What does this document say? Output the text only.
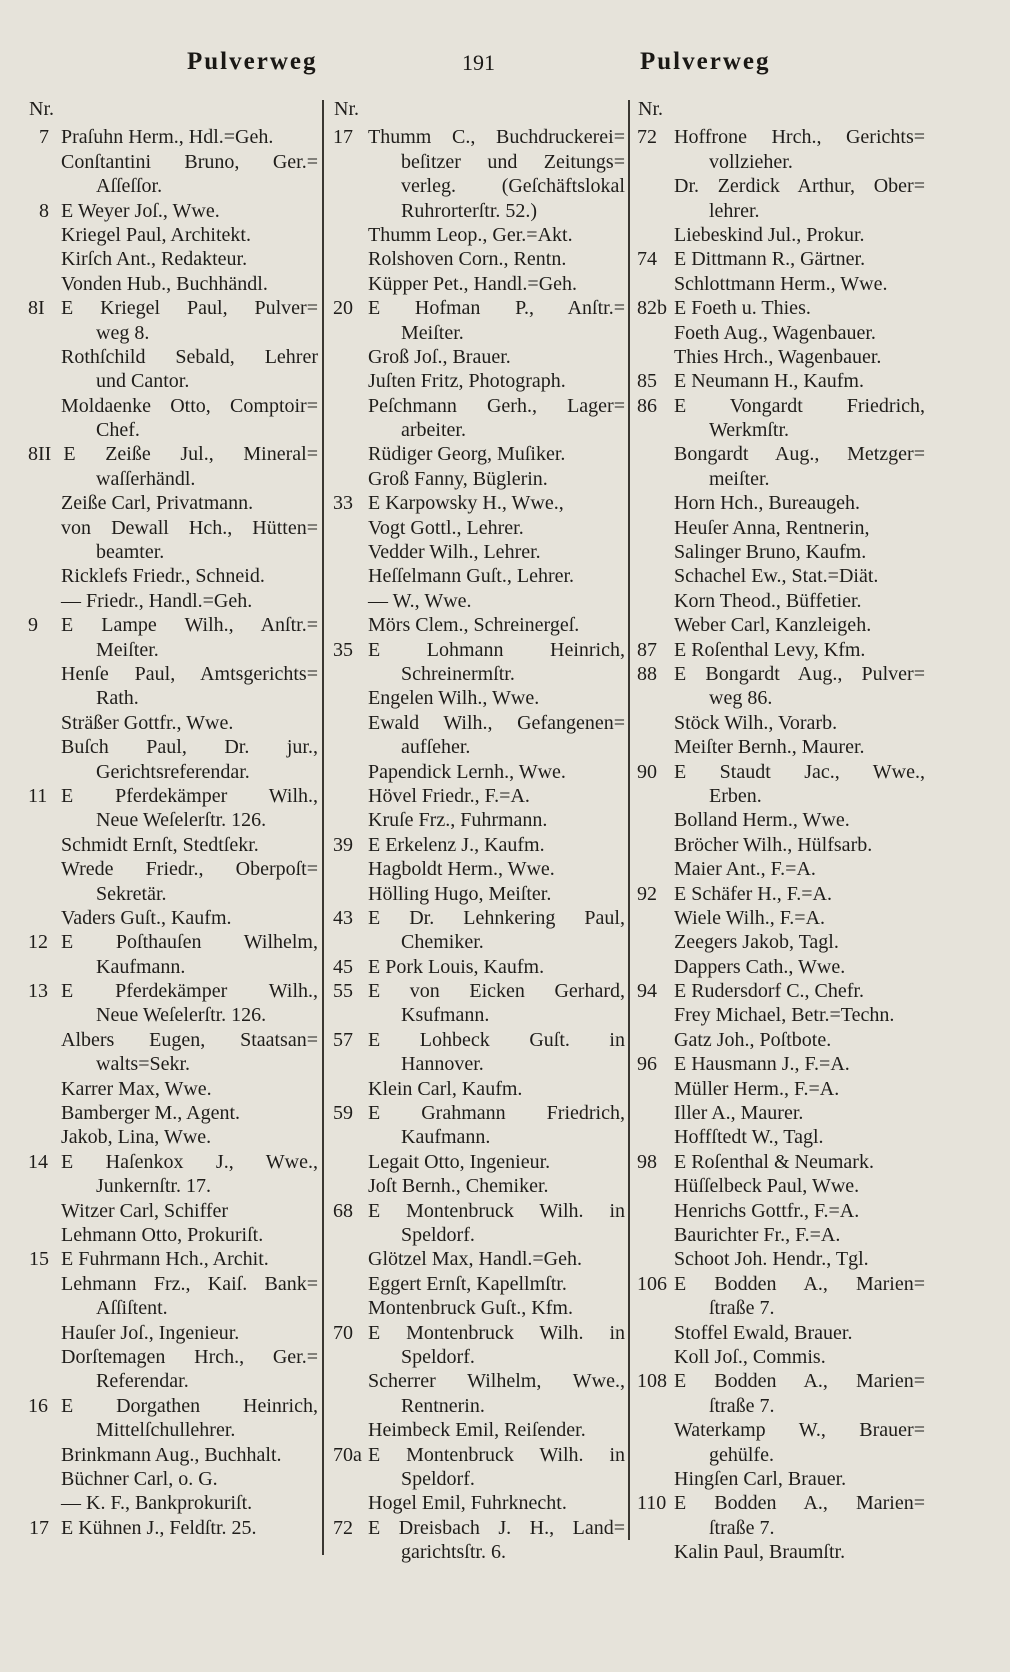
Pulverweg	191	Pulverweg
Nr.
7 Praſuhn Herm., Hdl.=Geh.
Conſtantini Bruno, Ger.=
Aſſeſſor.
8 E Weyer Joſ., Wwe.
Kriegel Paul, Architekt.
Kirſch Ant., Redakteur.
Vonden Hub., Buchhändl.
8I E Kriegel Paul, Pulver=
weg 8.
Rothſchild Sebald, Lehrer
und Cantor.
Moldaenke Otto, Comptoir=
Chef.
8II E Zeiße Jul., Mineral=
waſſerhändl.
Zeiße Carl, Privatmann.
von Dewall Hch., Hütten=
beamter.
Ricklefs Friedr., Schneid.
— Friedr., Handl.=Geh.
9 E Lampe Wilh., Anſtr.=
Meiſter.
Henſe Paul, Amtsgerichts=
Rath.
Sträßer Gottfr., Wwe.
Buſch Paul, Dr. jur.,
Gerichtsreferendar.
11 E Pferdekämper Wilh.,
Neue Weſelerſtr. 126.
Schmidt Ernſt, Stedtſekr.
Wrede Friedr., Oberpoſt=
Sekretär.
Vaders Guſt., Kaufm.
12 E Poſthauſen Wilhelm,
Kaufmann.
13 E Pferdekämper Wilh.,
Neue Weſelerſtr. 126.
Albers Eugen, Staatsan=
walts=Sekr.
Karrer Max, Wwe.
Bamberger M., Agent.
Jakob, Lina, Wwe.
14 E Haſenkox J., Wwe.,
Junkernſtr. 17.
Witzer Carl, Schiffer
Lehmann Otto, Prokuriſt.
15 E Fuhrmann Hch., Archit.
Lehmann Frz., Kaiſ. Bank=
Aſſiſtent.
Hauſer Joſ., Ingenieur.
Dorſtemagen Hrch., Ger.=
Referendar.
16 E Dorgathen Heinrich,
Mittelſchullehrer.
Brinkmann Aug., Buchhalt.
Büchner Carl, o. G.
— K. F., Bankprokuriſt.
17 E Kühnen J., Feldſtr. 25.
Nr.
17 Thumm C., Buchdruckerei=
beſitzer und Zeitungs=
verleg. (Geſchäftslokal
Ruhrorterſtr. 52.)
Thumm Leop., Ger.=Akt.
Rolshoven Corn., Rentn.
Küpper Pet., Handl.=Geh.
20 E Hofman P., Anſtr.=
Meiſter.
Groß Joſ., Brauer.
Juſten Fritz, Photograph.
Peſchmann Gerh., Lager=
arbeiter.
Rüdiger Georg, Muſiker.
Groß Fanny, Büglerin.
33 E Karpowsky H., Wwe.,
Vogt Gottl., Lehrer.
Vedder Wilh., Lehrer.
Heſſelmann Guſt., Lehrer.
— W., Wwe.
Mörs Clem., Schreinergeſ.
35 E Lohmann Heinrich,
Schreinermſtr.
Engelen Wilh., Wwe.
Ewald Wilh., Gefangenen=
aufſeher.
Papendick Lernh., Wwe.
Hövel Friedr., F.=A.
Kruſe Frz., Fuhrmann.
39 E Erkelenz J., Kaufm.
Hagboldt Herm., Wwe.
Hölling Hugo, Meiſter.
43 E Dr. Lehnkering Paul,
Chemiker.
45 E Pork Louis, Kaufm.
55 E von Eicken Gerhard,
Ksufmann.
57 E Lohbeck Guſt. in
Hannover.
Klein Carl, Kaufm.
59 E Grahmann Friedrich,
Kaufmann.
Legait Otto, Ingenieur.
Joſt Bernh., Chemiker.
68 E Montenbruck Wilh. in
Speldorf.
Glötzel Max, Handl.=Geh.
Eggert Ernſt, Kapellmſtr.
Montenbruck Guſt., Kfm.
70 E Montenbruck Wilh. in
Speldorf.
Scherrer Wilhelm, Wwe.,
Rentnerin.
Heimbeck Emil, Reiſender.
70a E Montenbruck Wilh. in
Speldorf.
Hogel Emil, Fuhrknecht.
72 E Dreisbach J. H., Land=
garichtsſtr. 6.
Nr.
72 Hoffrone Hrch., Gerichts=
vollzieher.
Dr. Zerdick Arthur, Ober=
lehrer.
Liebeskind Jul., Prokur.
74 E Dittmann R., Gärtner.
Schlottmann Herm., Wwe.
82b E Foeth u. Thies.
Foeth Aug., Wagenbauer.
Thies Hrch., Wagenbauer.
85 E Neumann H., Kaufm.
86 E Vongardt Friedrich,
Werkmſtr.
Bongardt Aug., Metzger=
meiſter.
Horn Hch., Bureaugeh.
Heuſer Anna, Rentnerin,
Salinger Bruno, Kaufm.
Schachel Ew., Stat.=Diät.
Korn Theod., Büffetier.
Weber Carl, Kanzleigeh.
87 E Roſenthal Levy, Kfm.
88 E Bongardt Aug., Pulver=
weg 86.
Stöck Wilh., Vorarb.
Meiſter Bernh., Maurer.
90 E Staudt Jac., Wwe.,
Erben.
Bolland Herm., Wwe.
Bröcher Wilh., Hülfsarb.
Maier Ant., F.=A.
92 E Schäfer H., F.=A.
Wiele Wilh., F.=A.
Zeegers Jakob, Tagl.
Dappers Cath., Wwe.
94 E Rudersdorf C., Chefr.
Frey Michael, Betr.=Techn.
Gatz Joh., Poſtbote.
96 E Hausmann J., F.=A.
Müller Herm., F.=A.
Iller A., Maurer.
Hoffſtedt W., Tagl.
98 E Roſenthal & Neumark.
Hüſſelbeck Paul, Wwe.
Henrichs Gottfr., F.=A.
Baurichter Fr., F.=A.
Schoot Joh. Hendr., Tgl.
106 E Bodden A., Marien=
ſtraße 7.
Stoffel Ewald, Brauer.
Koll Joſ., Commis.
108 E Bodden A., Marien=
ſtraße 7.
Waterkamp W., Brauer=
gehülfe.
Hingſen Carl, Brauer.
110 E Bodden A., Marien=
ſtraße 7.
Kalin Paul, Braumſtr.
